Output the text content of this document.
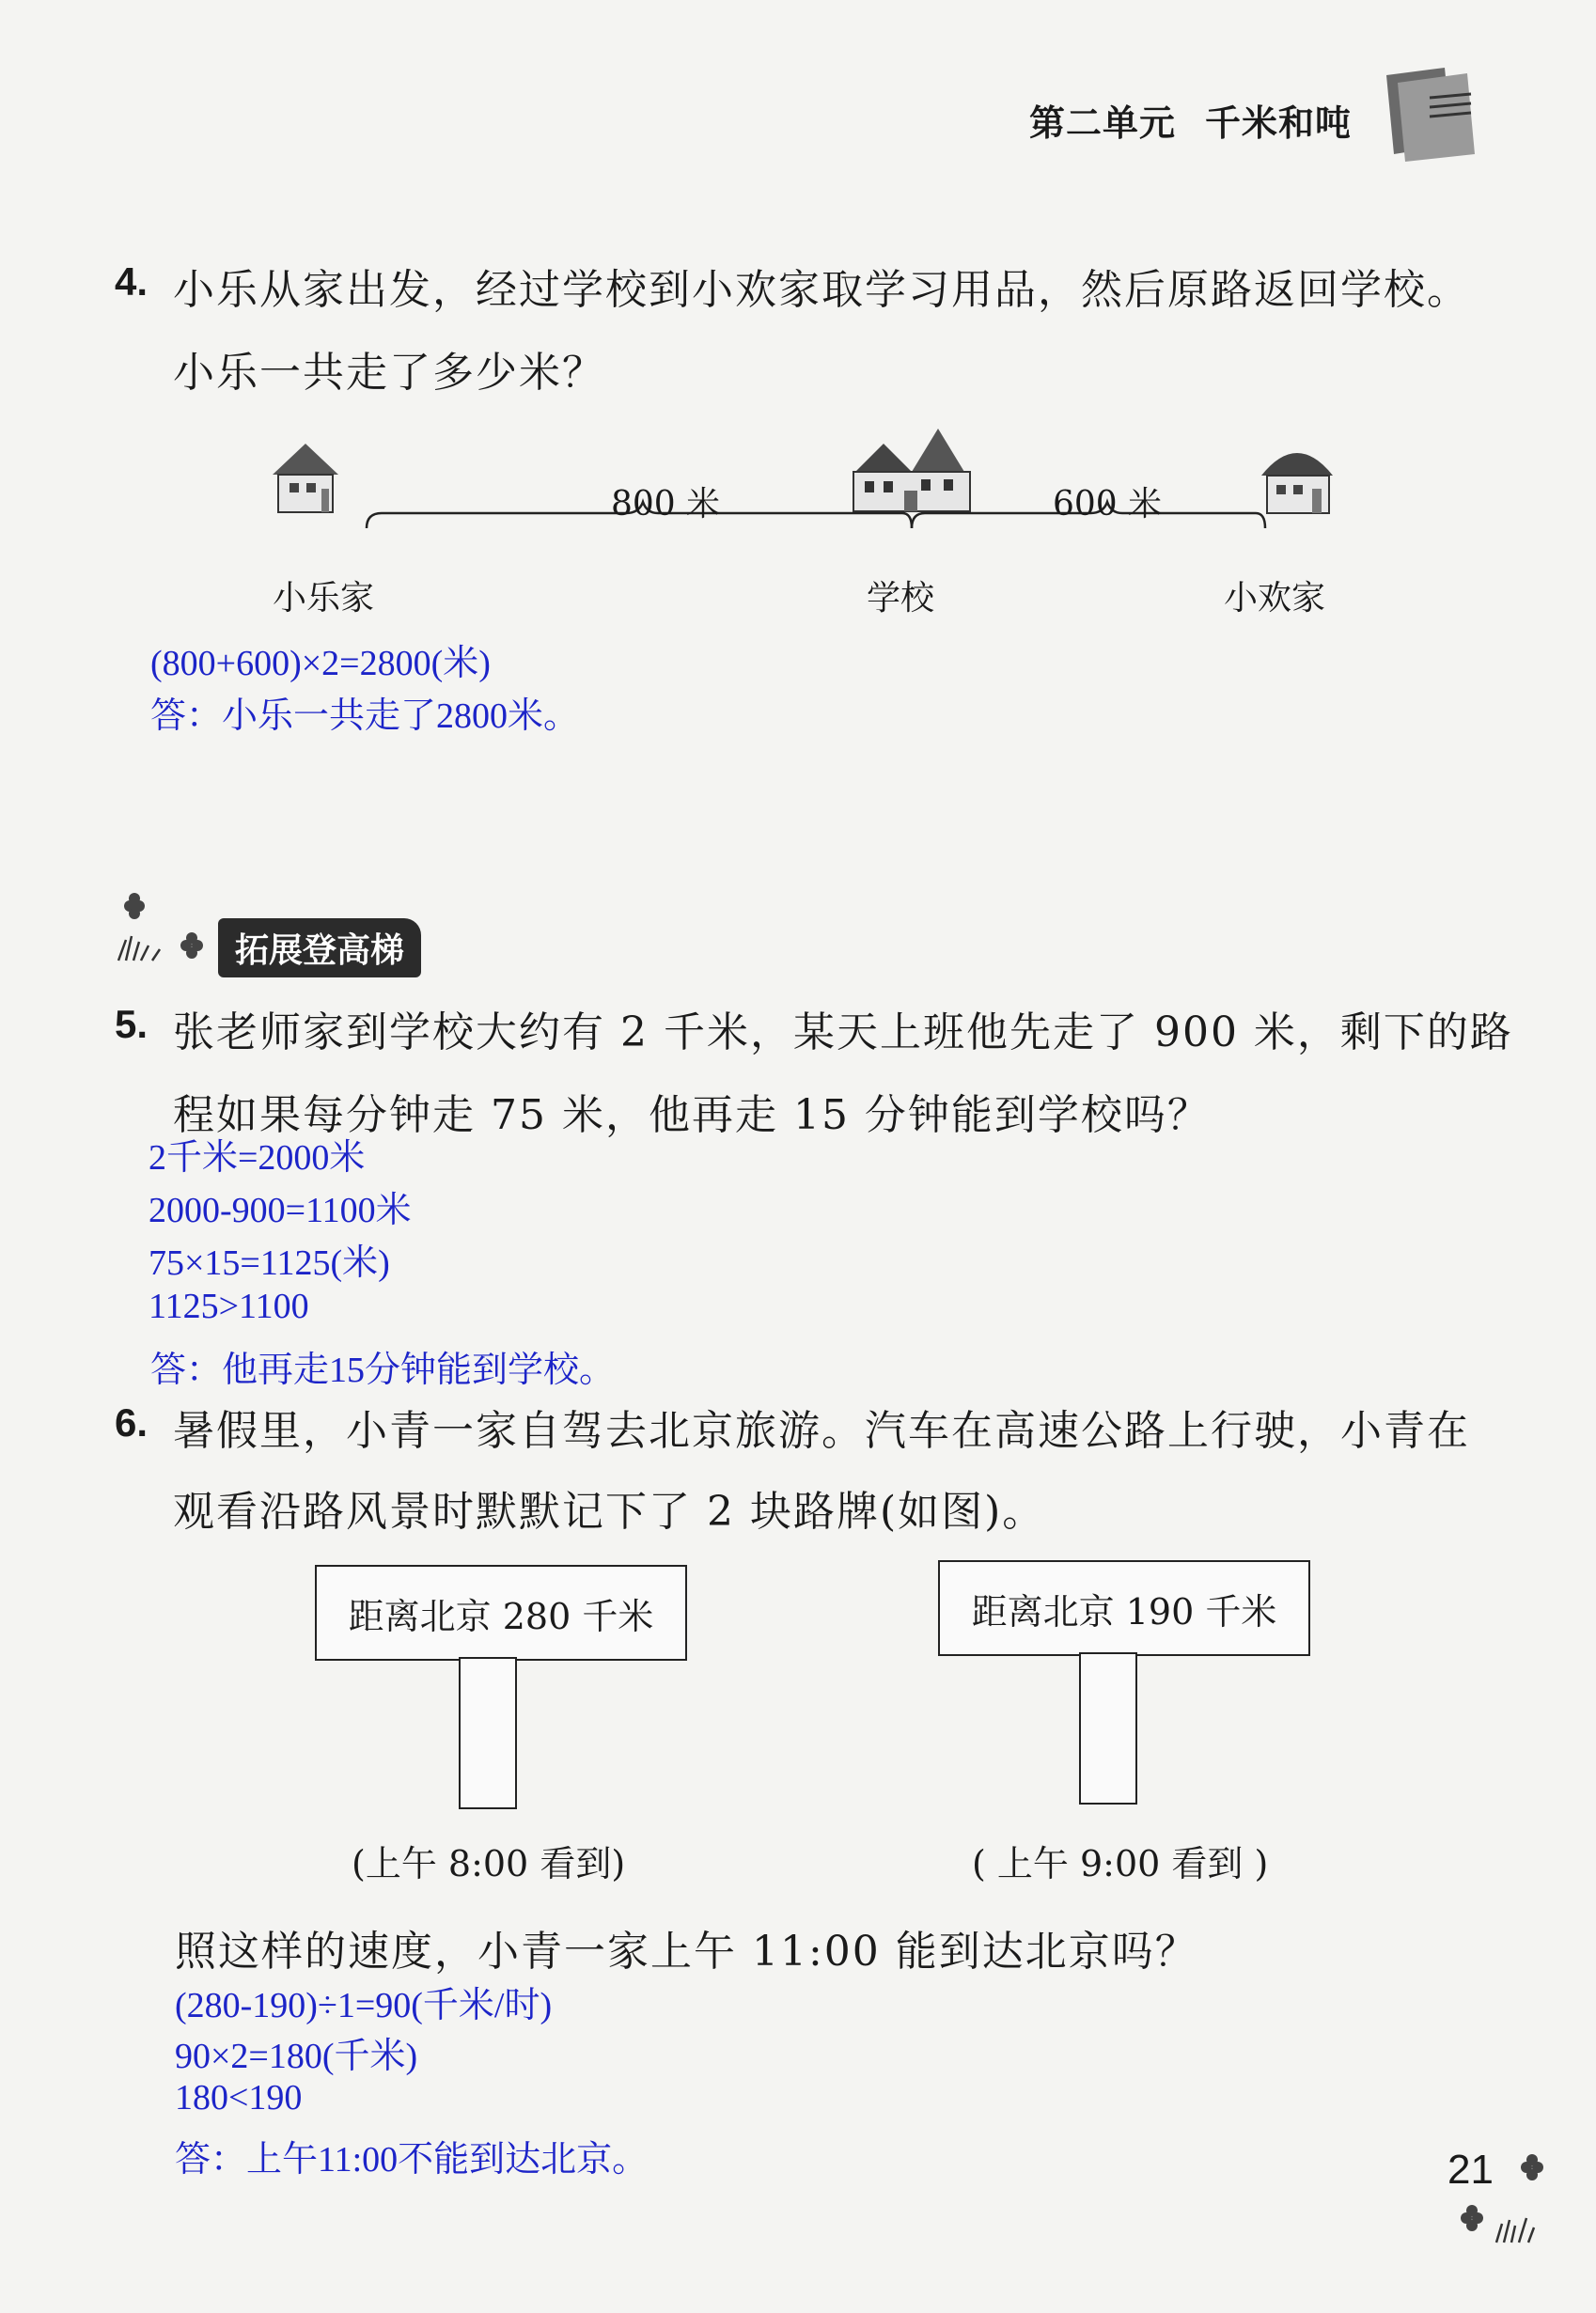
第二单元 千米和吨
4. 小乐从家出发，经过学校到小欢家取学习用品，然后原路返回学校。
小乐一共走了多少米？
800 米	600 米
小乐家	学校	小欢家
(800+600)×2=2800(米)
答：小乐一共走了2800米。
拓展登高梯
5. 张老师家到学校大约有 2 千米，某天上班他先走了 900 米，剩下的路
程如果每分钟走 75 米，他再走 15 分钟能到学校吗？
2千米=2000米
2000-900=1100米
75×15=1125(米)
1125>1100
答：他再走15分钟能到学校。
6. 暑假里，小青一家自驾去北京旅游。汽车在高速公路上行驶，小青在
观看沿路风景时默默记下了 2 块路牌(如图)。
距离北京 280 千米
(上午 8:00 看到)
距离北京 190 千米
( 上午 9:00 看到 )
照这样的速度，小青一家上午 11:00 能到达北京吗？
(280-190)÷1=90(千米/时)
90×2=180(千米)
180<190
答：上午11:00不能到达北京。	21
